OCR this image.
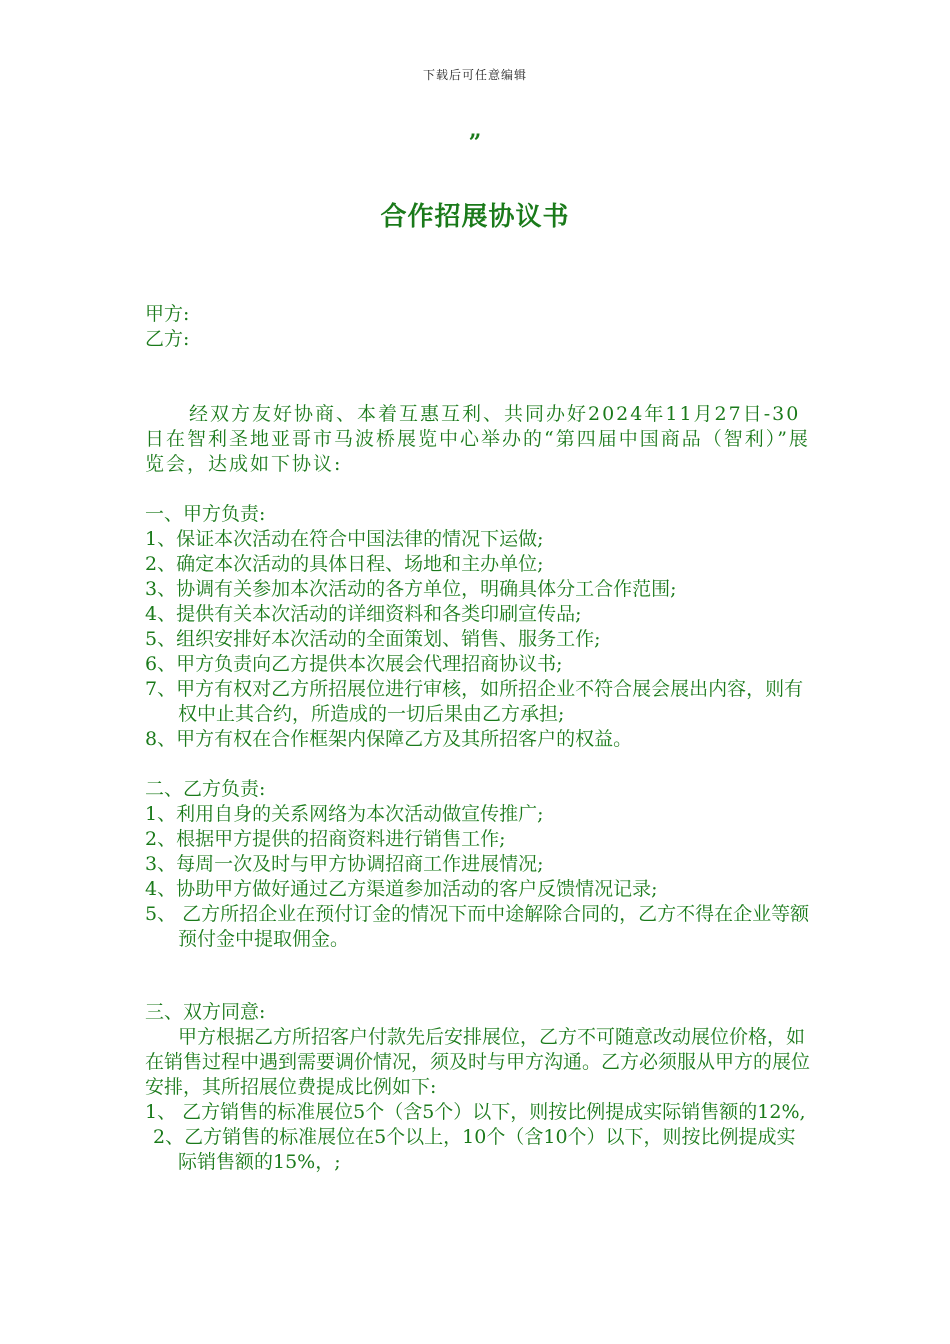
下载后可任意编辑
”
合作招展协议书
甲方:
乙方:
经双方友好协商、本着互惠互利、共同办好2024年11月27日-30日在智利圣地亚哥市马波桥展览中心举办的“第四届中国商品（智利）”展览会，达成如下协议:
一、甲方负责:
1、保证本次活动在符合中国法律的情况下运做;
2、确定本次活动的具体日程、场地和主办单位;
3、协调有关参加本次活动的各方单位，明确具体分工合作范围;
4、提供有关本次活动的详细资料和各类印刷宣传品;
5、组织安排好本次活动的全面策划、销售、服务工作;
6、甲方负责向乙方提供本次展会代理招商协议书;
7、甲方有权对乙方所招展位进行审核，如所招企业不符合展会展出内容，则有权中止其合约，所造成的一切后果由乙方承担;
8、甲方有权在合作框架内保障乙方及其所招客户的权益。
二、乙方负责:
1、利用自身的关系网络为本次活动做宣传推广;
2、根据甲方提供的招商资料进行销售工作;
3、每周一次及时与甲方协调招商工作进展情况;
4、协助甲方做好通过乙方渠道参加活动的客户反馈情况记录;
5、 乙方所招企业在预付订金的情况下而中途解除合同的，乙方不得在企业等额预付金中提取佣金。
三、双方同意:
甲方根据乙方所招客户付款先后安排展位，乙方不可随意改动展位价格，如在销售过程中遇到需要调价情况，须及时与甲方沟通。乙方必须服从甲方的展位安排，其所招展位费提成比例如下:
1、 乙方销售的标准展位5个（含5个）以下，则按比例提成实际销售额的12%,
2、乙方销售的标准展位在5个以上，10个（含10个）以下，则按比例提成实际销售额的15%，;
